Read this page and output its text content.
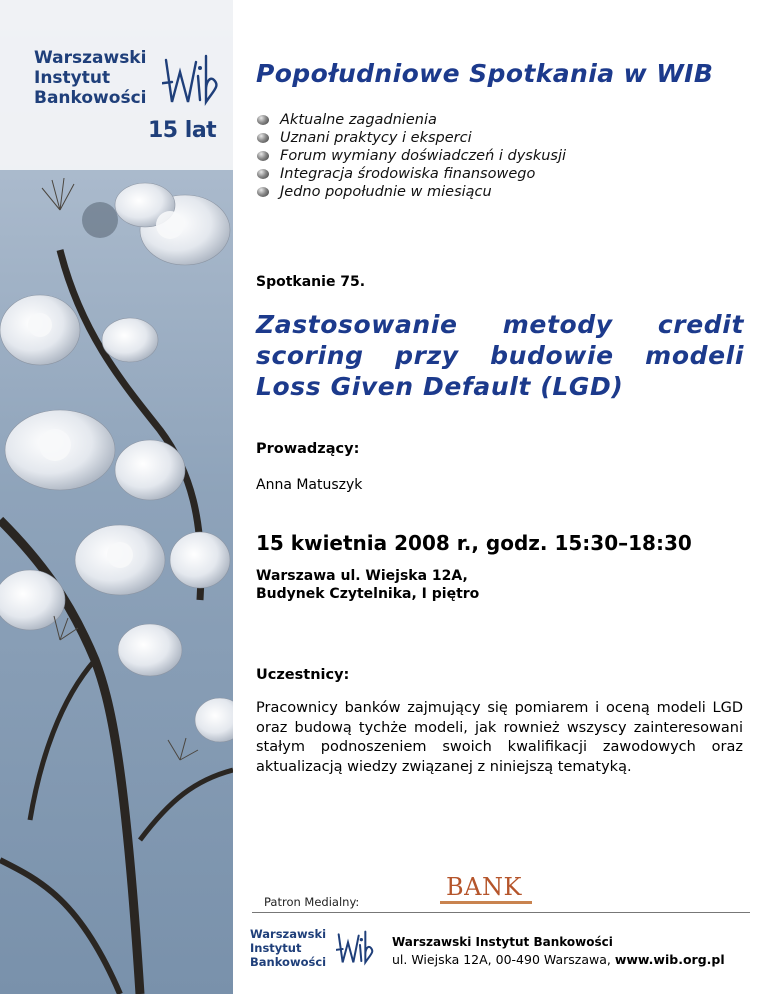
Warszawski
Instytut
Bankowości
15 lat
Popołudniowe Spotkania w WIB
Aktualne zagadnienia
Uznani praktycy i eksperci
Forum wymiany doświadczeń i dyskusji
Integracja środowiska finansowego
Jedno popołudnie w miesiącu
Spotkanie 75.
Zastosowanie metody credit scoring przy budowie modeli Loss Given Default (LGD)
Prowadzący:
Anna Matuszyk
15 kwietnia 2008 r., godz. 15:30–18:30
Warszawa ul. Wiejska 12A,
Budynek Czytelnika, I piętro
Uczestnicy:

Pracownicy banków zajmujący się pomiarem i oceną modeli LGD oraz budową tychże modeli, jak rownież wszyscy zainteresowani stałym podnoszeniem swoich kwalifikacji zawodowych oraz aktualizacją wiedzy związanej z niniejszą tematyką.

Patron Medialny:
BANK
Warszawski
Instytut
Bankowości
Warszawski Instytut Bankowości
ul. Wiejska 12A, 00-490 Warszawa, www.wib.org.pl
